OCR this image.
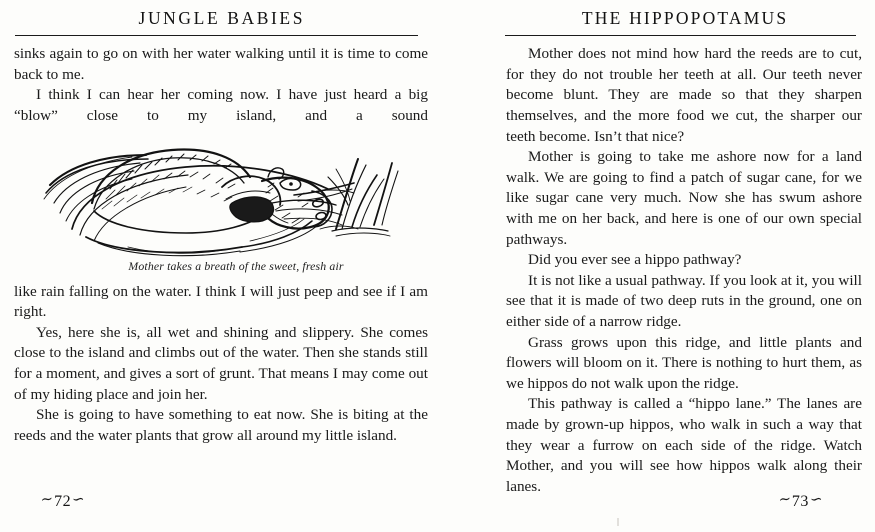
JUNGLE BABIES

sinks again to go on with her water walking until it is time to come back to me.

I think I can hear her coming now. I have just heard a big “blow” close to my island, and a sound

Mother takes a breath of the sweet, fresh air

like rain falling on the water. I think I will just peep and see if I am right.

Yes, here she is, all wet and shining and slippery. She comes close to the island and climbs out of the water. Then she stands still for a moment, and gives a sort of grunt. That means I may come out of my hiding place and join her.

She is going to have something to eat now. She is biting at the reeds and the water plants that grow all around my little island.

∽72∽
THE HIPPOPOTAMUS

Mother does not mind how hard the reeds are to cut, for they do not trouble her teeth at all. Our teeth never become blunt. They are made so that they sharpen themselves, and the more food we cut, the sharper our teeth become. Isn’t that nice?

Mother is going to take me ashore now for a land walk. We are going to find a patch of sugar cane, for we like sugar cane very much. Now she has swum ashore with me on her back, and here is one of our own special pathways.

Did you ever see a hippo pathway?

It is not like a usual pathway. If you look at it, you will see that it is made of two deep ruts in the ground, one on either side of a narrow ridge.

Grass grows upon this ridge, and little plants and flowers will bloom on it. There is nothing to hurt them, as we hippos do not walk upon the ridge.

This pathway is called a “hippo lane.” The lanes are made by grown-up hippos, who walk in such a way that they wear a furrow on each side of the ridge. Watch Mother, and you will see how hippos walk along their lanes.

∽73∽
